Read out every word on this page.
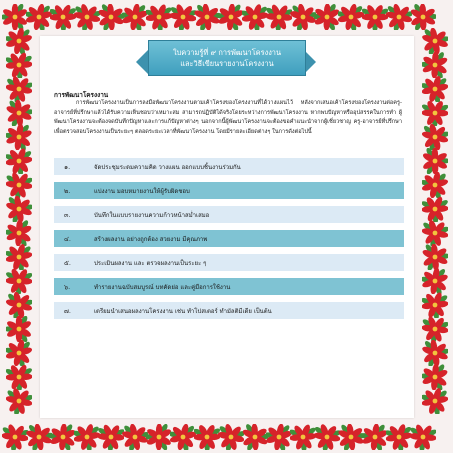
ใบความรู้ที่ ๙ การพัฒนาโครงงาน
และวิธีเขียนรายงานโครงงาน
การพัฒนาโครงงาน
การพัฒนาโครงงานเป็นการลงมือพัฒนาโครงงานตามเค้าโครงของโครงงานที่ได้วางแผนไว้ หลังจากเสนอเค้าโครงของโครงงานต่อครู-อาจารย์ที่ปรึกษาแล้วได้รับความเห็นชอบว่าเหมาะสม สามารถปฏิบัติได้จริงโดยระหว่างการพัฒนาโครงงาน หากพบปัญหาหรืออุปสรรคในการทำ ผู้พัฒนาโครงงานจะต้องจดบันทึกปัญหาและการแก้ปัญหาต่างๆ นอกจากนี้ผู้พัฒนาโครงงานจะต้องขอคำแนะนำจากผู้เชี่ยวชาญ ครู-อาจารย์ที่ปรึกษา เพื่อตรวจสอบโครงงานเป็นระยะๆ ตลอดระยะเวลาที่พัฒนาโครงงาน โดยมีรายละเอียดต่างๆ ในการดังต่อไปนี้
๑.	จัดประชุมระดมความคิด วางแผน ออกแบบชิ้นงานร่วมกัน
๒.	แบ่งงาน มอบหมายงานให้ผู้รับผิดชอบ
๓.	บันทึกในแบบรายงานความก้าวหน้าสม่ำเสมอ
๔.	สร้างผลงาน อย่างถูกต้อง สวยงาม มีคุณภาพ
๕.	ประเมินผลงาน และ ตรวจผลงานเป็นระยะ ๆ
๖.	ทำรายงานฉบับสมบูรณ์ บทคัดย่อ และคู่มือการใช้งาน
๗.	เตรียมนำเสนอผลงานโครงงาน เช่น ทำโปสเตอร์ ทำมัลติมีเดีย เป็นต้น
